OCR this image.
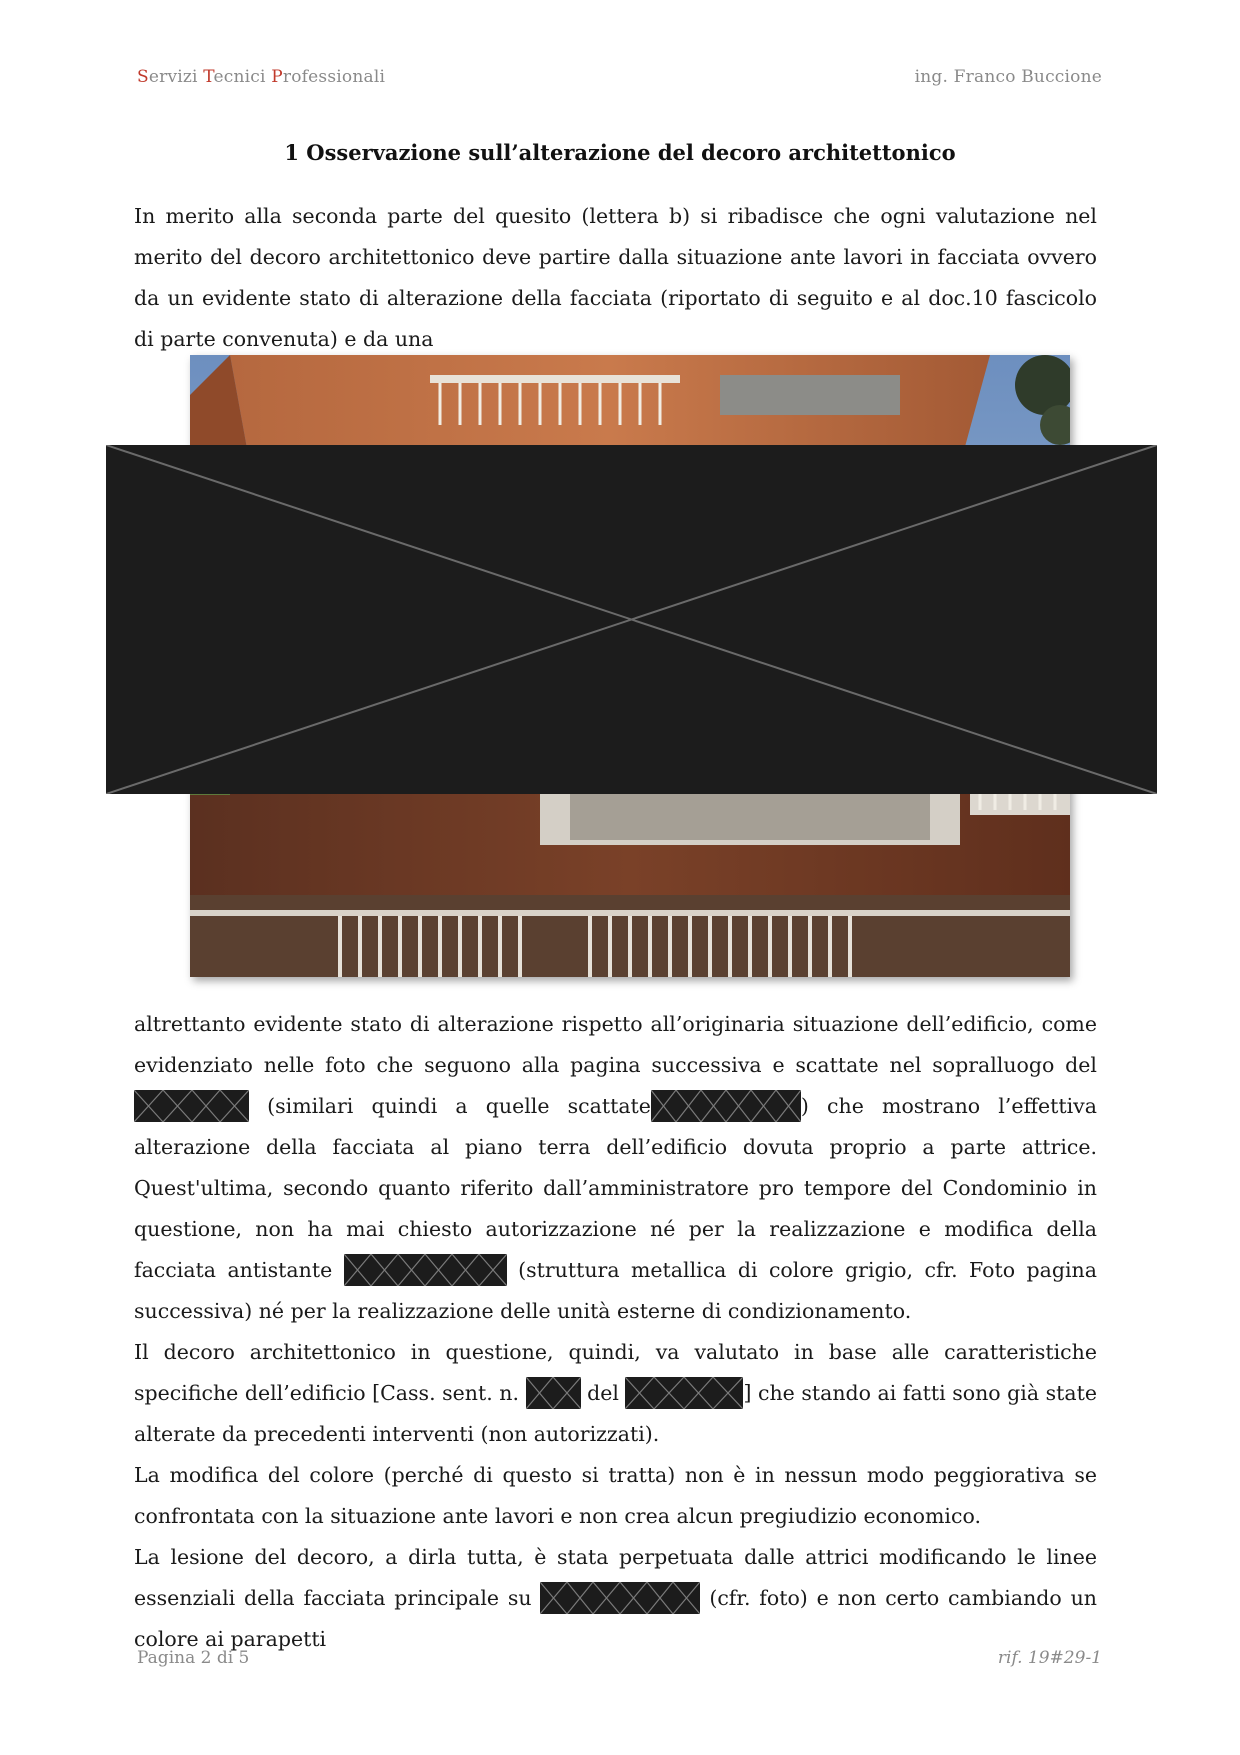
Servizi Tecnici Professionali	ing. Franco Buccione
1 Osservazione sull’alterazione del decoro architettonico

In merito alla seconda parte del quesito (lettera b) si ribadisce che ogni valutazione nel merito del decoro architettonico deve partire dalla situazione ante lavori in facciata ovvero da un evidente stato di alterazione della facciata (riportato di seguito e al doc.10 fascicolo di parte convenuta) e da una

altrettanto evidente stato di alterazione rispetto all’originaria situazione dell’edificio, come evidenziato nelle foto che seguono alla pagina successiva e scattate nel sopralluogo del
(similari quindi a quelle scattate	) che mostrano l’effettiva alterazione della facciata al piano terra dell’edificio dovuta proprio a parte attrice. Quest'ultima, secondo quanto riferito dall’amministratore pro tempore del Condominio in questione, non ha mai chiesto autorizzazione né per la realizzazione e modifica della facciata antistante	(struttura metallica di colore grigio, cfr. Foto pagina successiva) né per la realizzazione delle unità esterne di condizionamento.
Il decoro architettonico in questione, quindi, va valutato in base alle caratteristiche specifiche dell’edificio [Cass. sent. n.	del	] che stando ai fatti sono già state alterate da precedenti interventi (non autorizzati).
La modifica del colore (perché di questo si tratta) non è in nessun modo peggiorativa se confrontata con la situazione ante lavori e non crea alcun pregiudizio economico.
La lesione del decoro, a dirla tutta, è stata perpetuata dalle attrici modificando le linee essenziali della facciata principale su	(cfr. foto) e non certo cambiando un colore ai parapetti

Pagina 2 di 5	rif. 19#29-1
